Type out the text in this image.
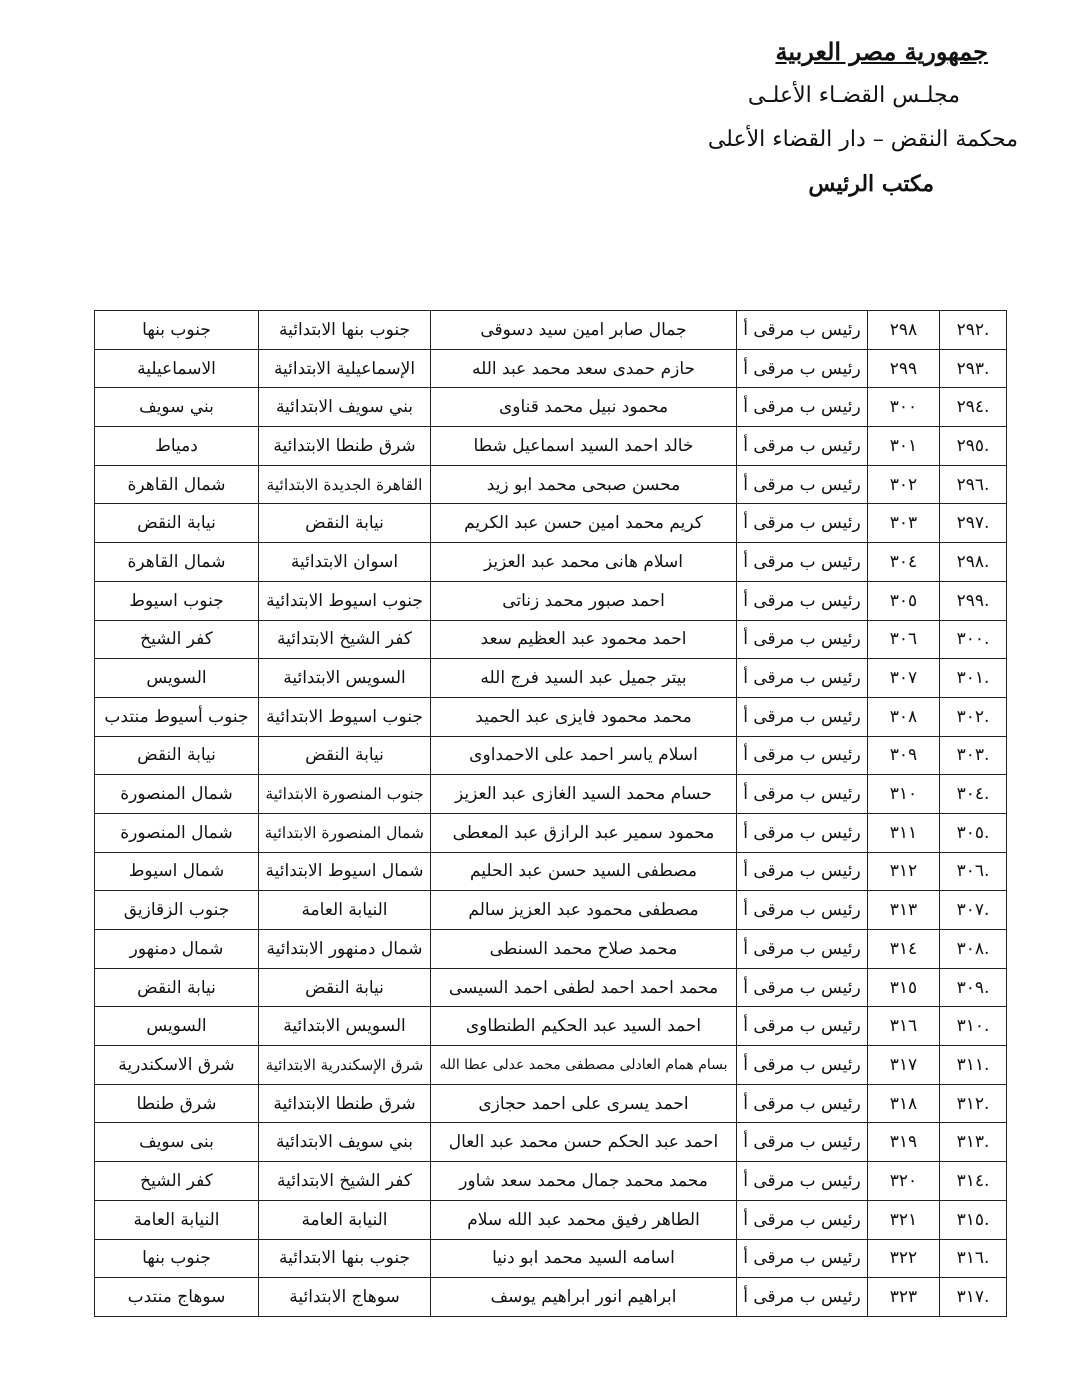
جمهورية مصر العربية
مجلـس القضـاء الأعلـى
محكمة النقض – دار القضاء الأعلى
مكتب الرئيس
.٢٩٢	٢٩٨	رئيس ب مرقى أ	جمال صابر امين سيد دسوقى	جنوب بنها الابتدائية	جنوب بنها
.٢٩٣	٢٩٩	رئيس ب مرقى أ	حازم حمدى سعد محمد عبد الله	الإسماعيلية الابتدائية	الاسماعيلية
.٢٩٤	٣٠٠	رئيس ب مرقى أ	محمود نبيل محمد قناوى	بني سويف الابتدائية	بني سويف
.٢٩٥	٣٠١	رئيس ب مرقى أ	خالد احمد السيد اسماعيل شطا	شرق طنطا الابتدائية	دمياط
.٢٩٦	٣٠٢	رئيس ب مرقى أ	محسن صبحى محمد ابو زيد	القاهرة الجديدة الابتدائية	شمال القاهرة
.٢٩٧	٣٠٣	رئيس ب مرقى أ	كريم محمد امين حسن عبد الكريم	نيابة النقض	نيابة النقض
.٢٩٨	٣٠٤	رئيس ب مرقى أ	اسلام هانى محمد عبد العزيز	اسوان الابتدائية	شمال القاهرة
.٢٩٩	٣٠٥	رئيس ب مرقى أ	احمد صبور محمد زناتى	جنوب اسيوط الابتدائية	جنوب اسيوط
.٣٠٠	٣٠٦	رئيس ب مرقى أ	احمد محمود عبد العظيم سعد	كفر الشيخ الابتدائية	كفر الشيخ
.٣٠١	٣٠٧	رئيس ب مرقى أ	بيتر جميل عبد السيد فرج الله	السويس الابتدائية	السويس
.٣٠٢	٣٠٨	رئيس ب مرقى أ	محمد محمود فايزى عبد الحميد	جنوب اسيوط الابتدائية	جنوب أسيوط منتدب
.٣٠٣	٣٠٩	رئيس ب مرقى أ	اسلام ياسر احمد على الاحمداوى	نيابة النقض	نيابة النقض
.٣٠٤	٣١٠	رئيس ب مرقى أ	حسام محمد السيد الغازى عبد العزيز	جنوب المنصورة الابتدائية	شمال المنصورة
.٣٠٥	٣١١	رئيس ب مرقى أ	محمود سمير عبد الرازق عبد المعطى	شمال المنصورة الابتدائية	شمال المنصورة
.٣٠٦	٣١٢	رئيس ب مرقى أ	مصطفى السيد حسن عبد الحليم	شمال اسيوط الابتدائية	شمال اسيوط
.٣٠٧	٣١٣	رئيس ب مرقى أ	مصطفى محمود عبد العزيز سالم	النيابة العامة	جنوب الزقازيق
.٣٠٨	٣١٤	رئيس ب مرقى أ	محمد صلاح محمد السنطى	شمال دمنهور الابتدائية	شمال دمنهور
.٣٠٩	٣١٥	رئيس ب مرقى أ	محمد احمد احمد لطفى احمد السيسى	نيابة النقض	نيابة النقض
.٣١٠	٣١٦	رئيس ب مرقى أ	احمد السيد عبد الحكيم الطنطاوى	السويس الابتدائية	السويس
.٣١١	٣١٧	رئيس ب مرقى أ	بسام همام العادلى مصطفى محمد عدلى عطا الله	شرق الإسكندرية الابتدائية	شرق الاسكندرية
.٣١٢	٣١٨	رئيس ب مرقى أ	احمد يسرى على احمد حجازى	شرق طنطا الابتدائية	شرق طنطا
.٣١٣	٣١٩	رئيس ب مرقى أ	احمد عبد الحكم حسن محمد عبد العال	بني سويف الابتدائية	بنى سويف
.٣١٤	٣٢٠	رئيس ب مرقى أ	محمد محمد جمال محمد سعد شاور	كفر الشيخ الابتدائية	كفر الشيخ
.٣١٥	٣٢١	رئيس ب مرقى أ	الطاهر رفيق محمد عبد الله سلام	النيابة العامة	النيابة العامة
.٣١٦	٣٢٢	رئيس ب مرقى أ	اسامه السيد محمد ابو دنيا	جنوب بنها الابتدائية	جنوب بنها
.٣١٧	٣٢٣	رئيس ب مرقى أ	ابراهيم انور ابراهيم يوسف	سوهاج الابتدائية	سوهاج منتدب
